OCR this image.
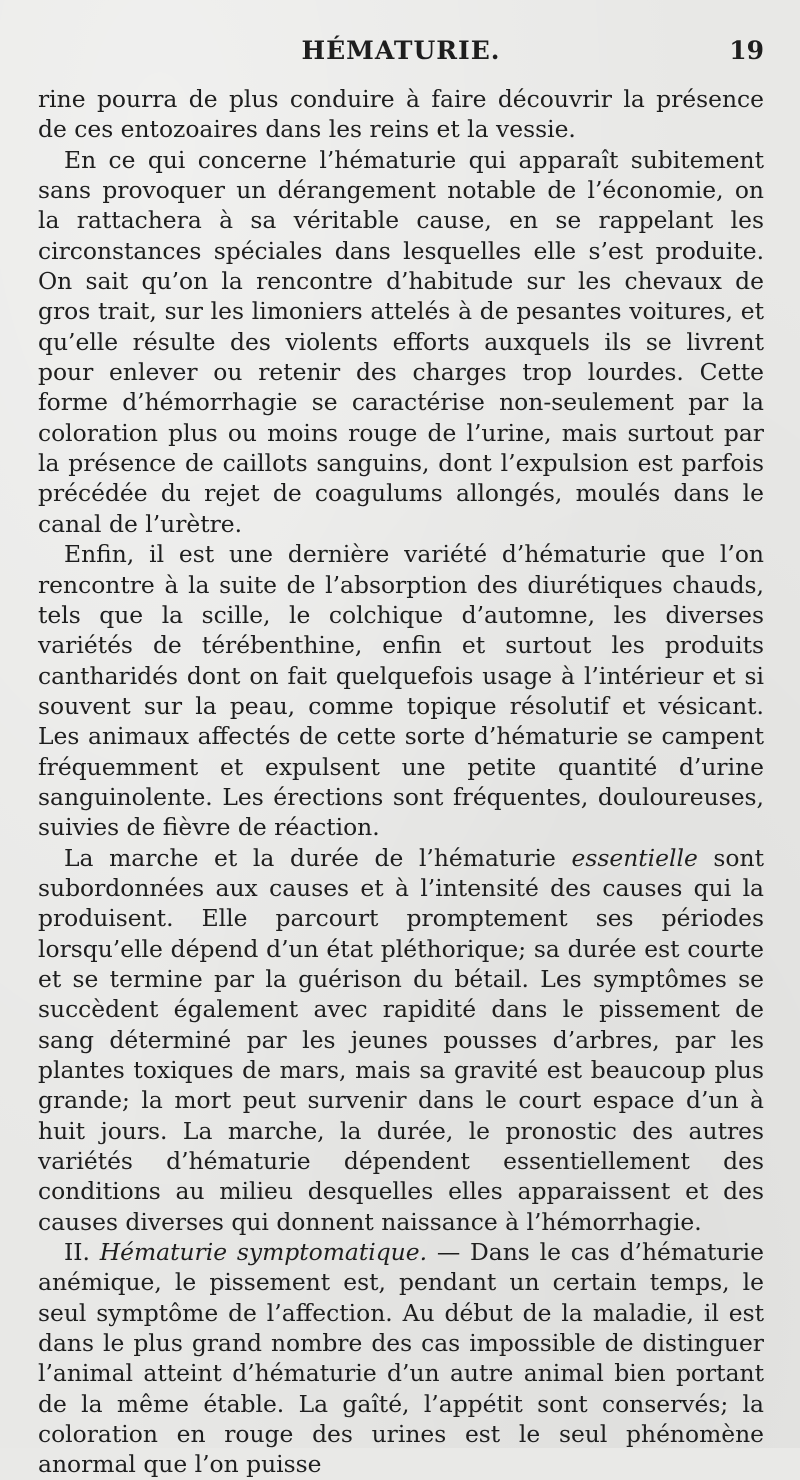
HÉMATURIE.	19

rine pourra de plus conduire à faire découvrir la présence de ces entozoaires dans les reins et la vessie.

En ce qui concerne l’hématurie qui apparaît subitement sans provoquer un dérangement notable de l’économie, on la rattachera à sa véritable cause, en se rappelant les circonstances spéciales dans lesquelles elle s’est produite. On sait qu’on la rencontre d’habitude sur les chevaux de gros trait, sur les limoniers attelés à de pesantes voitures, et qu’elle résulte des violents efforts auxquels ils se livrent pour enlever ou retenir des charges trop lourdes. Cette forme d’hémorrhagie se caractérise non-seulement par la coloration plus ou moins rouge de l’urine, mais surtout par la présence de caillots sanguins, dont l’expulsion est parfois précédée du rejet de coagulums allongés, moulés dans le canal de l’urètre.

Enfin, il est une dernière variété d’hématurie que l’on rencontre à la suite de l’absorption des diurétiques chauds, tels que la scille, le colchique d’automne, les diverses variétés de térébenthine, enfin et surtout les produits cantharidés dont on fait quelquefois usage à l’intérieur et si souvent sur la peau, comme topique résolutif et vésicant. Les animaux affectés de cette sorte d’hématurie se campent fréquemment et expulsent une petite quantité d’urine sanguinolente. Les érections sont fréquentes, douloureuses, suivies de fièvre de réaction.

La marche et la durée de l’hématurie essentielle sont subordonnées aux causes et à l’intensité des causes qui la produisent. Elle parcourt promptement ses périodes lorsqu’elle dépend d’un état pléthorique; sa durée est courte et se termine par la guérison du bétail. Les symptômes se succèdent également avec rapidité dans le pissement de sang déterminé par les jeunes pousses d’arbres, par les plantes toxiques de mars, mais sa gravité est beaucoup plus grande; la mort peut survenir dans le court espace d’un à huit jours. La marche, la durée, le pronostic des autres variétés d’hématurie dépendent essentiellement des conditions au milieu desquelles elles apparaissent et des causes diverses qui donnent naissance à l’hémorrhagie.

II. Hématurie symptomatique. — Dans le cas d’hématurie anémique, le pissement est, pendant un certain temps, le seul symptôme de l’affection. Au début de la maladie, il est dans le plus grand nombre des cas impossible de distinguer l’animal atteint d’hématurie d’un autre animal bien portant de la même étable. La gaîté, l’appétit sont conservés; la coloration en rouge des urines est le seul phénomène anormal que l’on puisse
